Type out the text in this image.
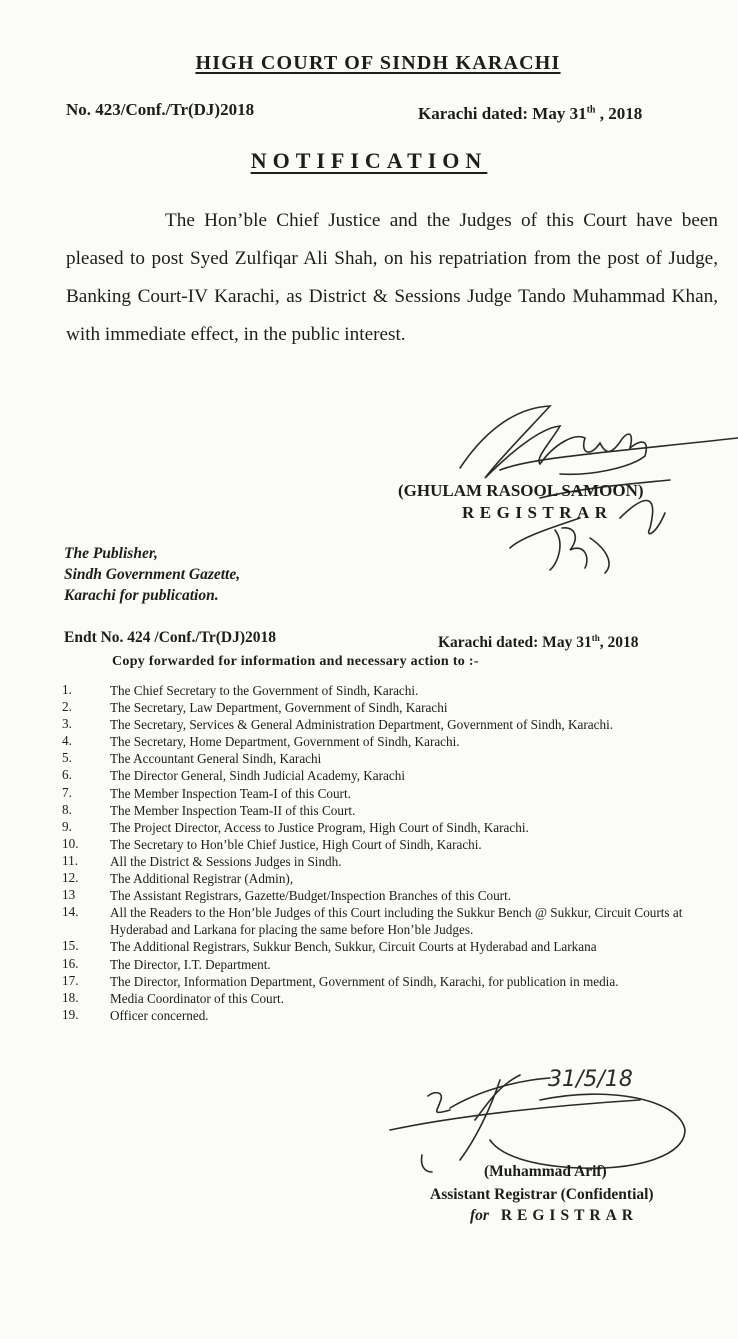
HIGH COURT OF SINDH KARACHI
No. 423/Conf./Tr(DJ)2018	Karachi dated: May 31th , 2018
NOTIFICATION
The Hon’ble Chief Justice and the Judges of this Court have been pleased to post Syed Zulfiqar Ali Shah, on his repatriation from the post of Judge, Banking Court-IV Karachi, as District & Sessions Judge Tando Muhammad Khan, with immediate effect, in the public interest.
(GHULAM RASOOL SAMOON)
REGISTRAR
The Publisher,
Sindh Government Gazette,
Karachi for publication.
Endt No. 424 /Conf./Tr(DJ)2018	Karachi dated: May 31th, 2018
Copy forwarded for information and necessary action to :-
1.	The Chief Secretary to the Government of Sindh, Karachi.
2.	The Secretary, Law Department, Government of Sindh, Karachi
3.	The Secretary, Services & General Administration Department, Government of Sindh, Karachi.
4.	The Secretary, Home Department, Government of Sindh, Karachi.
5.	The Accountant General Sindh, Karachi
6.	The Director General, Sindh Judicial Academy, Karachi
7.	The Member Inspection Team-I of this Court.
8.	The Member Inspection Team-II of this Court.
9.	The Project Director, Access to Justice Program, High Court of Sindh, Karachi.
10.	The Secretary to Hon’ble Chief Justice, High Court of Sindh, Karachi.
11.	All the District & Sessions Judges in Sindh.
12.	The Additional Registrar (Admin),
13	The Assistant Registrars, Gazette/Budget/Inspection Branches of this Court.
14.	All the Readers to the Hon’ble Judges of this Court including the Sukkur Bench @ Sukkur, Circuit Courts at Hyderabad and Larkana for placing the same before Hon’ble Judges.
15.	The Additional Registrars, Sukkur Bench, Sukkur, Circuit Courts at Hyderabad and Larkana
16.	The Director, I.T. Department.
17.	The Director, Information Department, Government of Sindh, Karachi, for publication in media.
18.	Media Coordinator of this Court.
19.	Officer concerned.
31/5/18
(Muhammad Arif)
Assistant Registrar (Confidential)
for REGISTRAR
